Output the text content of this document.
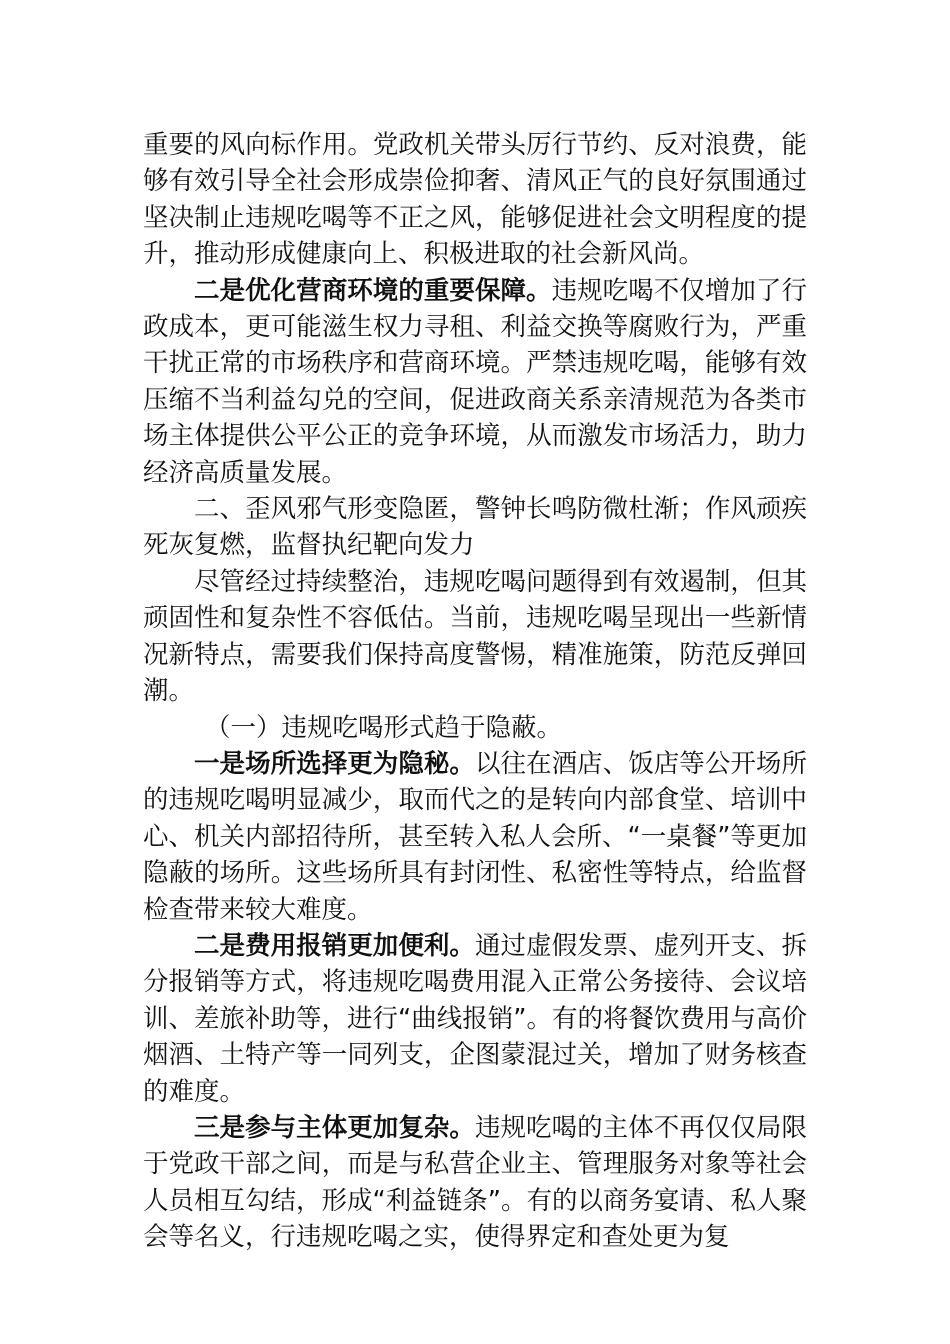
重要的风向标作用。党政机关带头厉行节约、反对浪费，能够有效引导全社会形成崇俭抑奢、清风正气的良好氛围通过坚决制止违规吃喝等不正之风，能够促进社会文明程度的提升，推动形成健康向上、积极进取的社会新风尚。

二是优化营商环境的重要保障。违规吃喝不仅增加了行政成本，更可能滋生权力寻租、利益交换等腐败行为，严重干扰正常的市场秩序和营商环境。严禁违规吃喝，能够有效压缩不当利益勾兑的空间，促进政商关系亲清规范为各类市场主体提供公平公正的竞争环境，从而激发市场活力，助力经济高质量发展。

二、歪风邪气形变隐匿，警钟长鸣防微杜渐；作风顽疾死灰复燃，监督执纪靶向发力

尽管经过持续整治，违规吃喝问题得到有效遏制，但其顽固性和复杂性不容低估。当前，违规吃喝呈现出一些新情况新特点，需要我们保持高度警惕，精准施策，防范反弹回潮。

（一）违规吃喝形式趋于隐蔽。

一是场所选择更为隐秘。以往在酒店、饭店等公开场所的违规吃喝明显减少，取而代之的是转向内部食堂、培训中心、机关内部招待所，甚至转入私人会所、“一桌餐”等更加隐蔽的场所。这些场所具有封闭性、私密性等特点，给监督检查带来较大难度。

二是费用报销更加便利。通过虚假发票、虚列开支、拆分报销等方式，将违规吃喝费用混入正常公务接待、会议培训、差旅补助等，进行“曲线报销”。有的将餐饮费用与高价烟酒、土特产等一同列支，企图蒙混过关，增加了财务核查的难度。

三是参与主体更加复杂。违规吃喝的主体不再仅仅局限于党政干部之间，而是与私营企业主、管理服务对象等社会人员相互勾结，形成“利益链条”。有的以商务宴请、私人聚会等名义，行违规吃喝之实，使得界定和查处更为复
